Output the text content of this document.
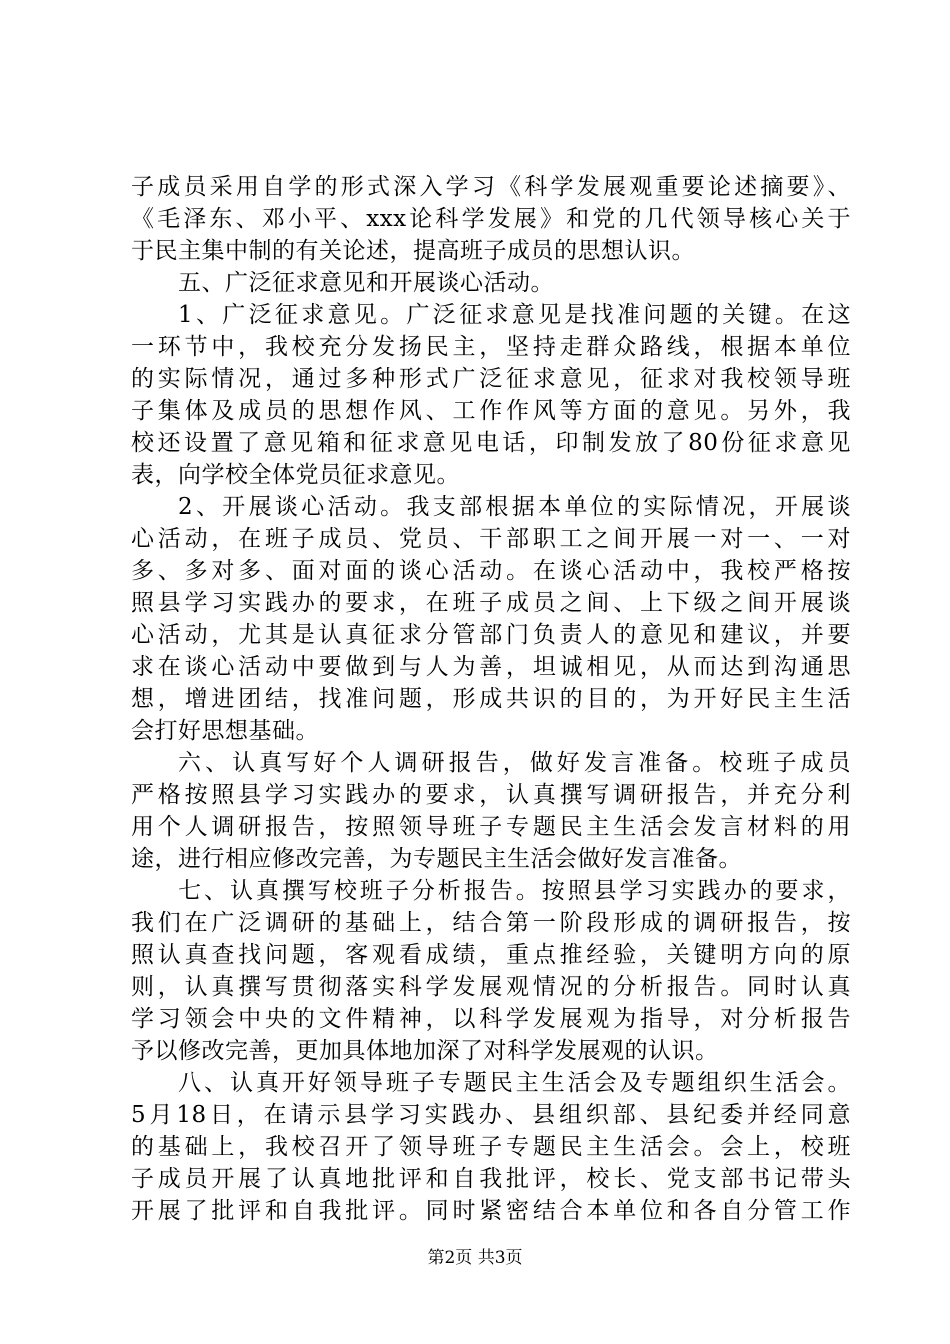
子成员采用自学的形式深入学习《科学发展观重要论述摘要》、
《毛泽东、邓小平、xxx论科学发展》和党的几代领导核心关于
于民主集中制的有关论述，提高班子成员的思想认识。
五、广泛征求意见和开展谈心活动。
1、广泛征求意见。广泛征求意见是找准问题的关键。在这
一环节中，我校充分发扬民主，坚持走群众路线，根据本单位
的实际情况，通过多种形式广泛征求意见，征求对我校领导班
子集体及成员的思想作风、工作作风等方面的意见。另外，我
校还设置了意见箱和征求意见电话，印制发放了80份征求意见
表，向学校全体党员征求意见。
2、开展谈心活动。我支部根据本单位的实际情况，开展谈
心活动，在班子成员、党员、干部职工之间开展一对一、一对
多、多对多、面对面的谈心活动。在谈心活动中，我校严格按
照县学习实践办的要求，在班子成员之间、上下级之间开展谈
心活动，尤其是认真征求分管部门负责人的意见和建议，并要
求在谈心活动中要做到与人为善，坦诚相见，从而达到沟通思
想，增进团结，找准问题，形成共识的目的，为开好民主生活
会打好思想基础。
六、认真写好个人调研报告，做好发言准备。校班子成员
严格按照县学习实践办的要求，认真撰写调研报告，并充分利
用个人调研报告，按照领导班子专题民主生活会发言材料的用
途，进行相应修改完善，为专题民主生活会做好发言准备。
七、认真撰写校班子分析报告。按照县学习实践办的要求，
我们在广泛调研的基础上，结合第一阶段形成的调研报告，按
照认真查找问题，客观看成绩，重点推经验，关键明方向的原
则，认真撰写贯彻落实科学发展观情况的分析报告。同时认真
学习领会中央的文件精神，以科学发展观为指导，对分析报告
予以修改完善，更加具体地加深了对科学发展观的认识。
八、认真开好领导班子专题民主生活会及专题组织生活会。
5月18日，在请示县学习实践办、县组织部、县纪委并经同意
的基础上，我校召开了领导班子专题民主生活会。会上，校班
子成员开展了认真地批评和自我批评，校长、党支部书记带头
开展了批评和自我批评。同时紧密结合本单位和各自分管工作
第2页 共3页
